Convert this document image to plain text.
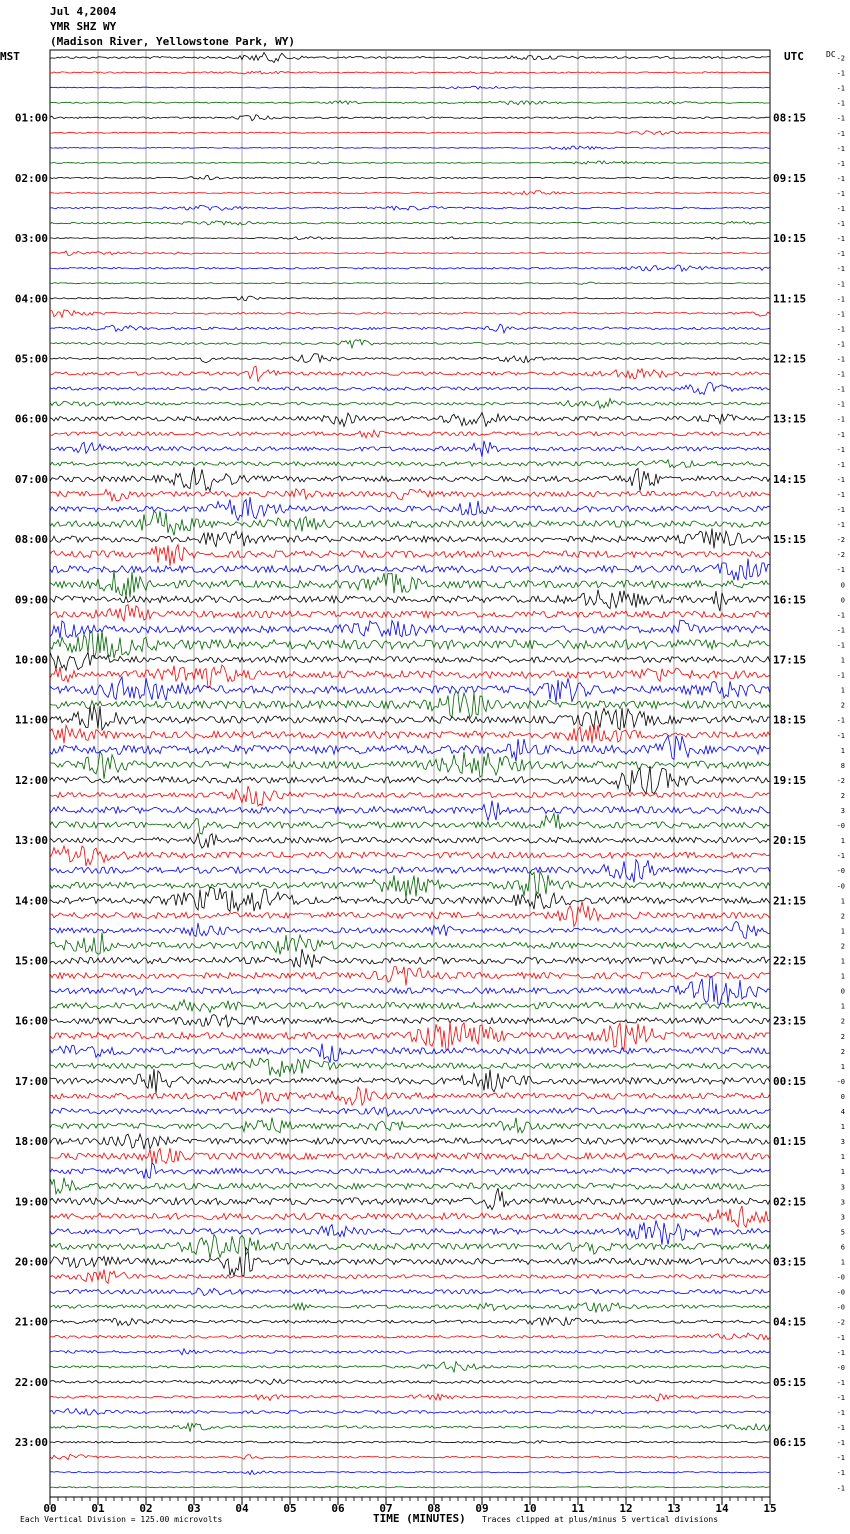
Jul 4,2004
YMR SHZ WY
(Madison River, Yellowstone Park, WY)
MST	UTC	DC
00	01	02	03	04	05	06	07	08	09	10	11	12	13	14	15
01:00
02:00
03:00
04:00
05:00
06:00
07:00
08:00
09:00
10:00
11:00
12:00
13:00
14:00
15:00
16:00
17:00
18:00
19:00
20:00
21:00
22:00
23:00
08:15
09:15
10:15
11:15
12:15
13:15
14:15
15:15
16:15
17:15
18:15
19:15
20:15
21:15
22:15
23:15
00:15
01:15
02:15
03:15
04:15
05:15
06:15
-2
-1
-1
-1
-1
-1
-1
-1
-1
-1
-1
-1
-1
-1
-1
-1
-1
-1
-1
-1
-1
-1
-1
-1
-1
-1
-1
-1
-1
-1
-1
-1
-2
-2
-1
0
0
-1
-1
-1
1
-1
1
2
-1
-1
1
8
-2
2
3
-0
1
-1
-0
-0
1
2
1
2
1
1
0
1
2
2
2
1
-0
0
4
1
3
1
1
3
3
3
5
6
1
-0
-0
-0
-2
-1
-1
-0
-1
-1
-1
-1
-1
-1
-1
-1
TIME (MINUTES)
Each Vertical Division = 125.00 microvolts	Traces clipped at plus/minus 5 vertical divisions
